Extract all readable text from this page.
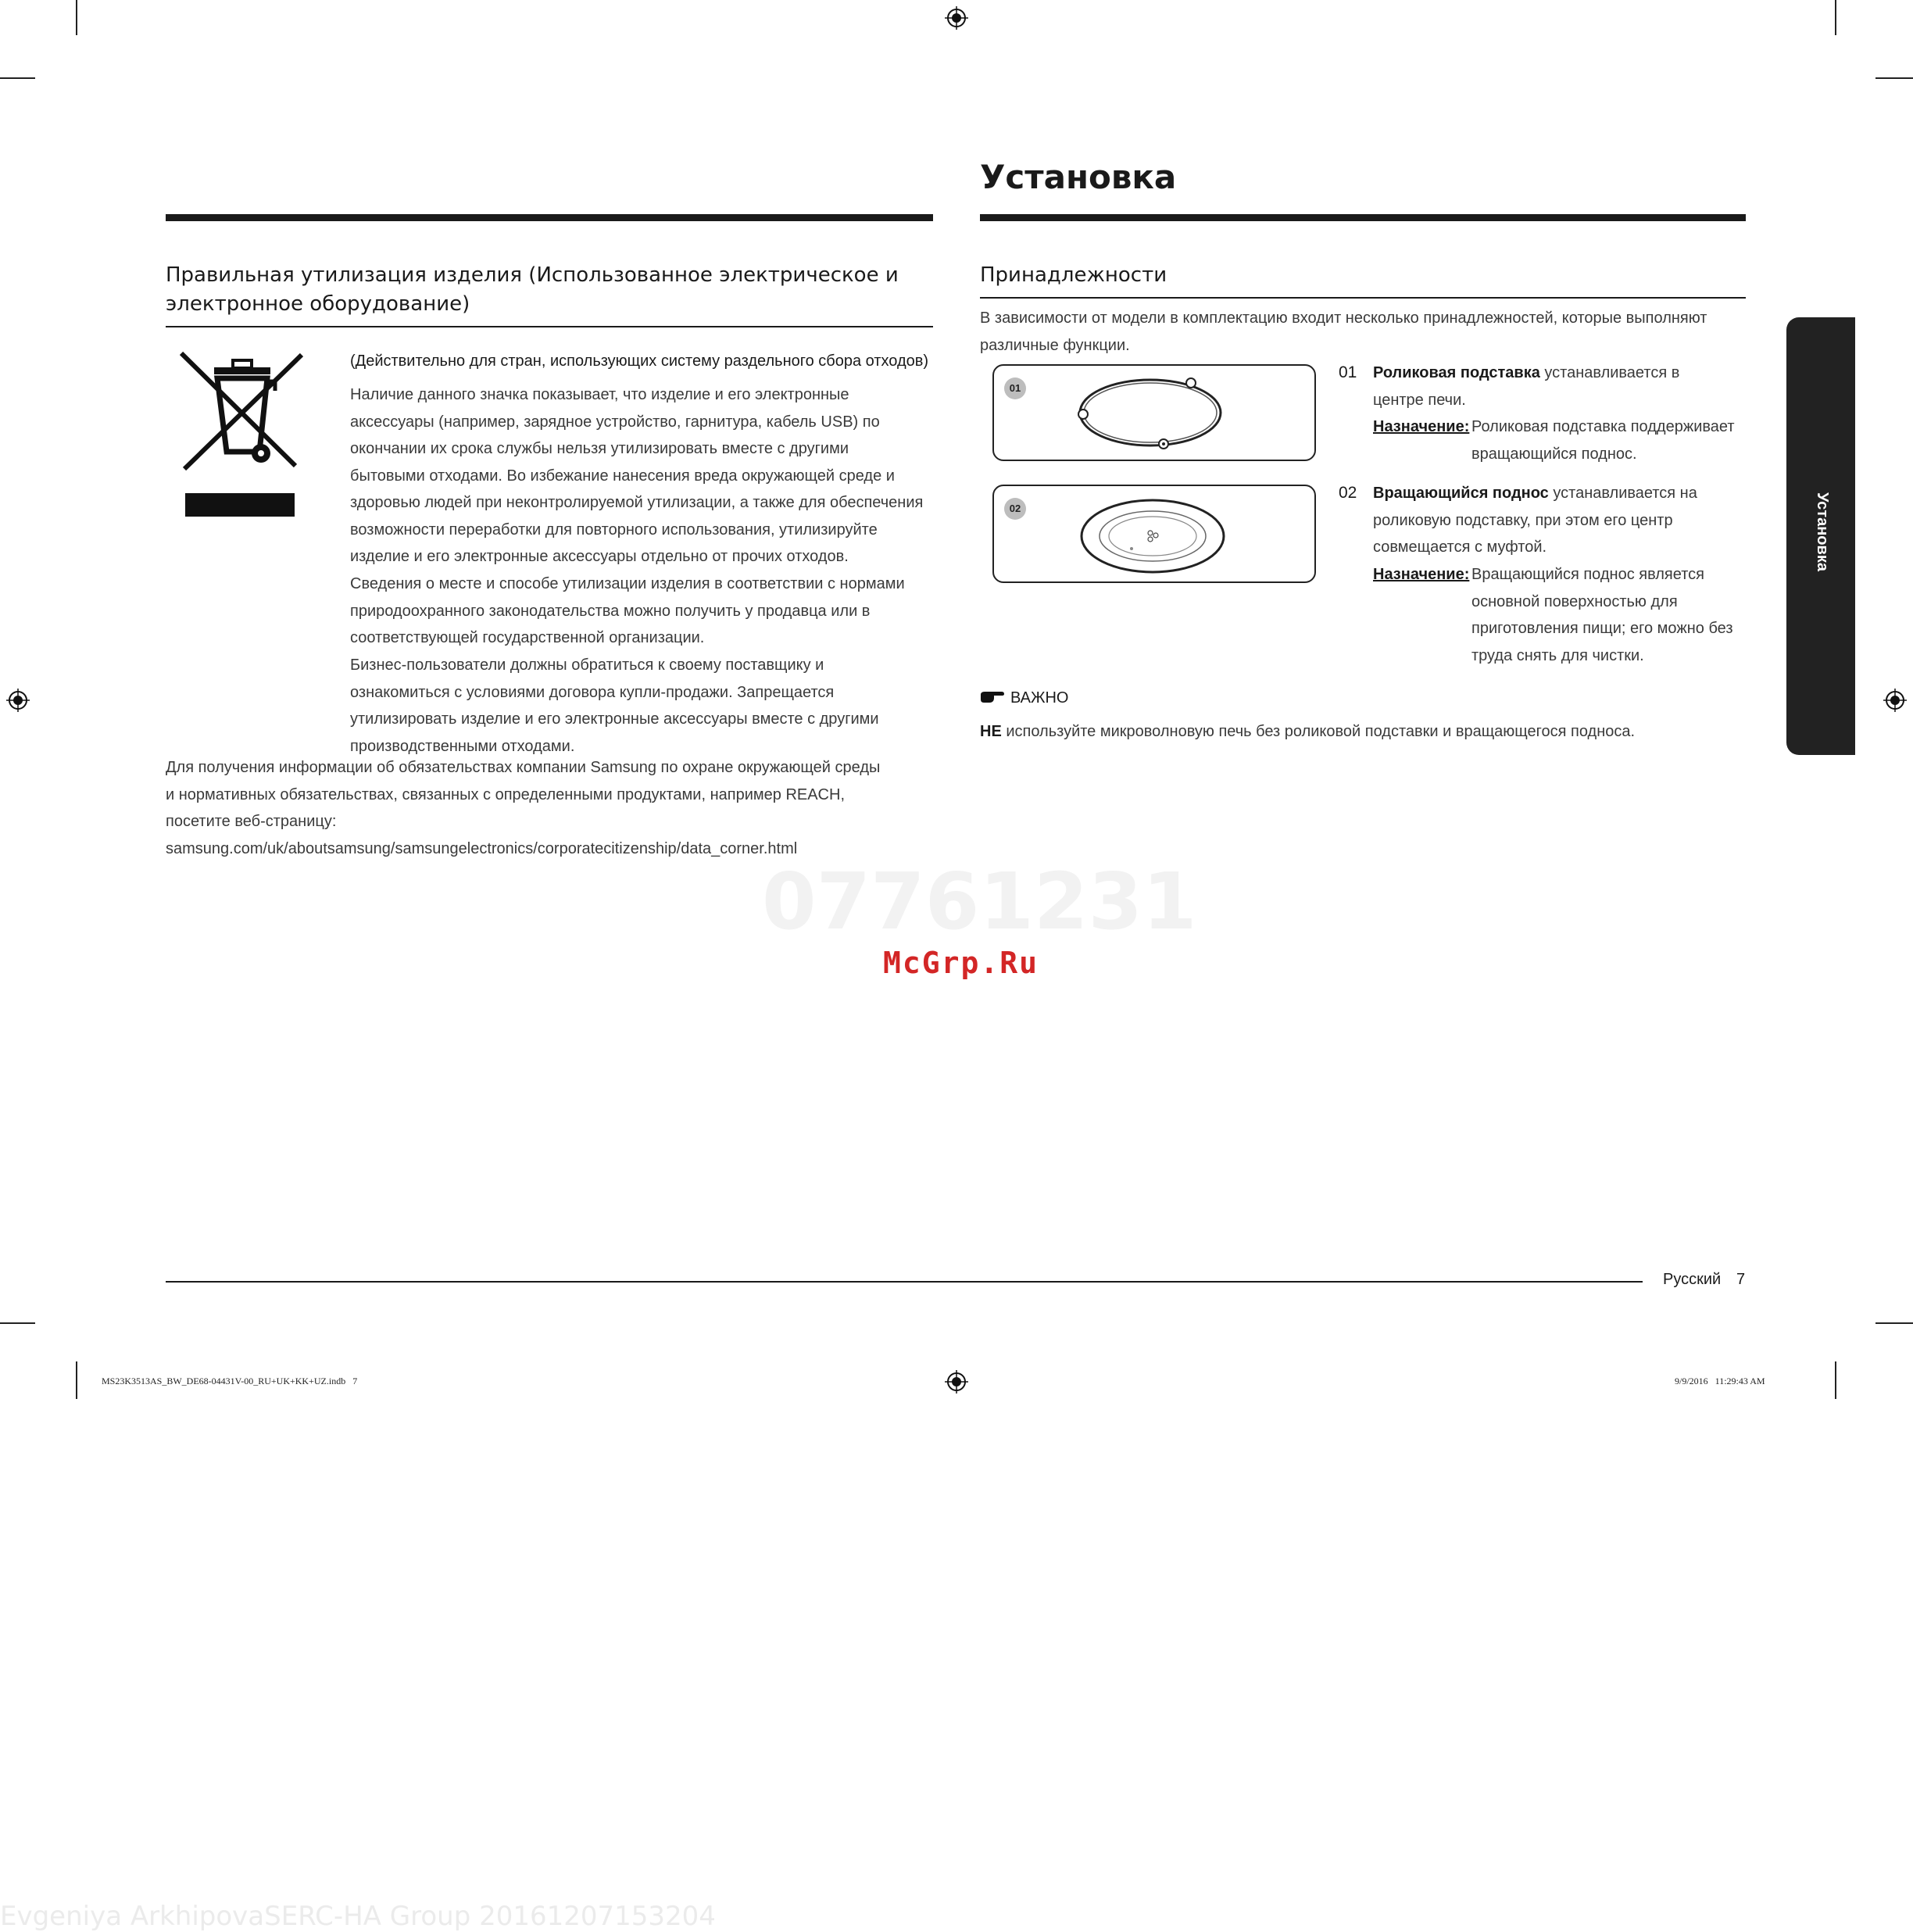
07761231
Установка
Правильная утилизация изделия (Использованное электрическое и электронное оборудование)
(Действительно для стран, использующих систему раздельного сбора отходов)
Наличие данного значка показывает, что изделие и его электронные аксессуары (например, зарядное устройство, гарнитура, кабель USB) по окончании их срока службы нельзя утилизировать вместе с другими бытовыми отходами. Во избежание нанесения вреда окружающей среде и здоровью людей при неконтролируемой утилизации, а также для обеспечения возможности переработки для повторного использования, утилизируйте изделие и его электронные аксессуары отдельно от прочих отходов.
Сведения о месте и способе утилизации изделия в соответствии с нормами природоохранного законодательства можно получить у продавца или в соответствующей государственной организации.
Бизнес-пользователи должны обратиться к своему поставщику и ознакомиться с условиями договора купли-продажи. Запрещается утилизировать изделие и его электронные аксессуары вместе с другими производственными отходами.
Для получения информации об обязательствах компании Samsung по охране окружающей среды и нормативных обязательствах, связанных с определенными продуктами, например REACH, посетите веб-страницу: samsung.com/uk/aboutsamsung/samsungelectronics/corporatecitizenship/data_corner.html
Принадлежности
В зависимости от модели в комплектацию входит несколько принадлежностей, которые выполняют различные функции.
01
02
01 Роликовая подставка устанавливается в центре печи.
Назначение: Роликовая подставка поддерживает вращающийся поднос.
02 Вращающийся поднос устанавливается на роликовую подставку, при этом его центр совмещается с муфтой.
Назначение: Вращающийся поднос является основной поверхностью для приготовления пищи; его можно без труда снять для чистки.
ВАЖНО
НЕ используйте микроволновую печь без роликовой подставки и вращающегося подноса.
Установка
McGrp.Ru
Русский 7
MS23K3513AS_BW_DE68-04431V-00_RU+UK+KK+UZ.indb   7	9/9/2016   11:29:43 AM
Evgeniya ArkhipovaSERC-HA Group 20161207153204
